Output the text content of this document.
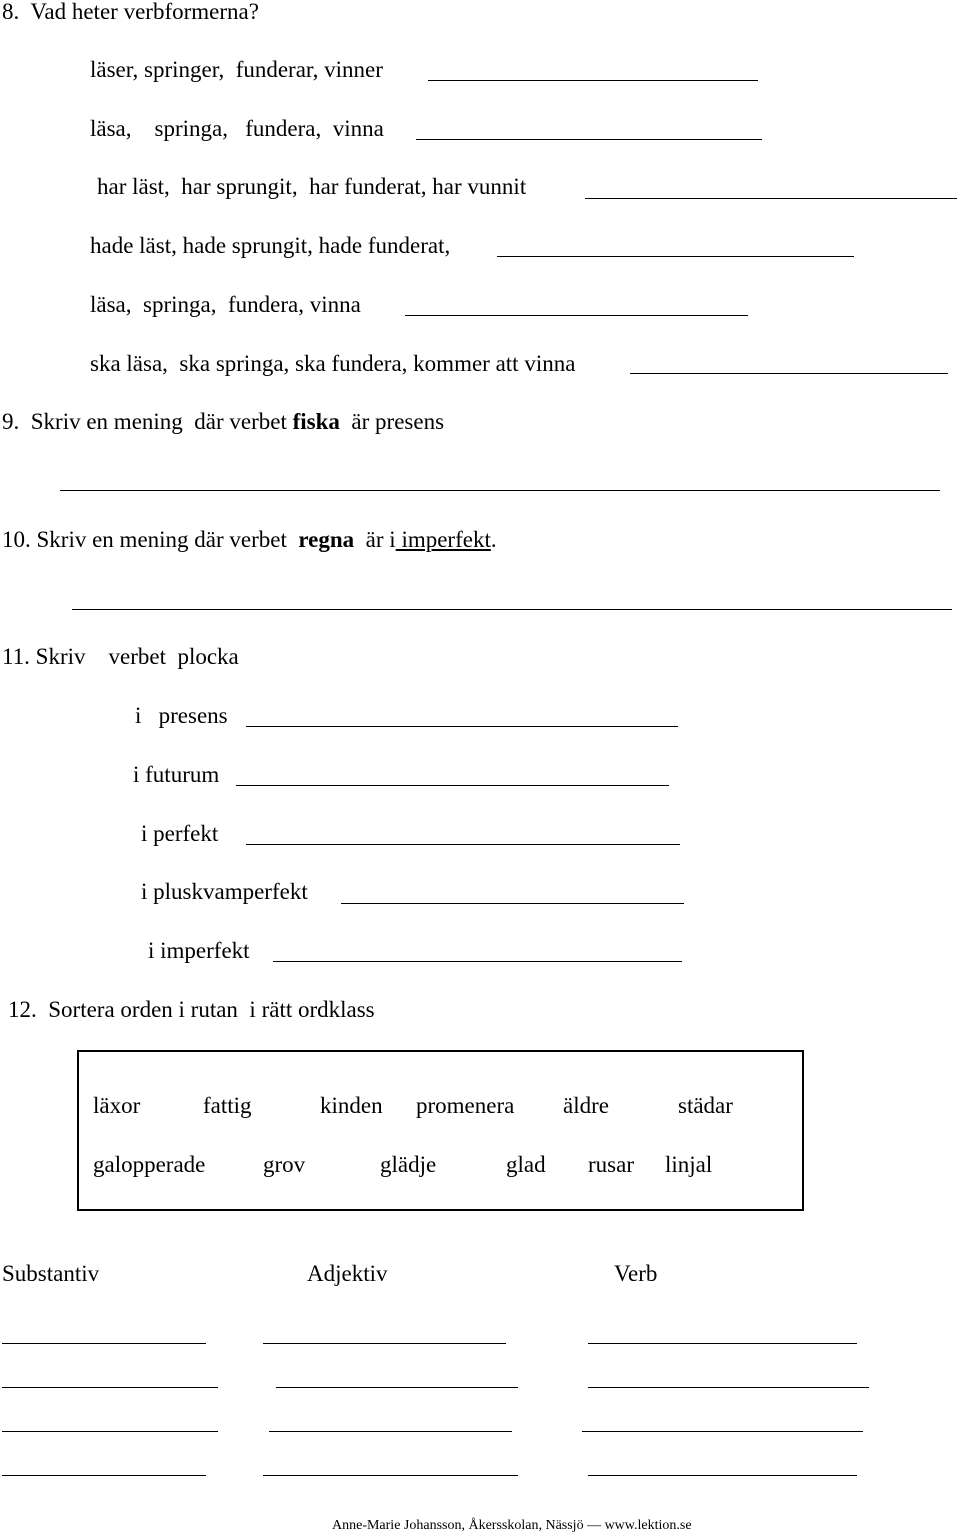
8.  Vad heter verbformerna?
läser, springer,  funderar, vinner
läsa,    springa,   fundera,  vinna
har läst,  har sprungit,  har funderat, har vunnit
hade läst, hade sprungit, hade funderat,
läsa,  springa,  fundera, vinna
ska läsa,  ska springa, ska fundera, kommer att vinna
9.  Skriv en mening  där verbet fiska  är presens
10. Skriv en mening där verbet  regna  är i imperfekt.
11. Skriv    verbet  plocka
i   presens
i futurum
i perfekt
i pluskvamperfekt
i imperfekt
12.  Sortera orden i rutan  i rätt ordklass
läxor	fattig	kinden promenera äldre	städar
galopperade	grov	glädje	glad rusar linjal
Substantiv	Adjektiv	Verb
Anne-Marie Johansson, Åkersskolan, Nässjö — www.lektion.se
